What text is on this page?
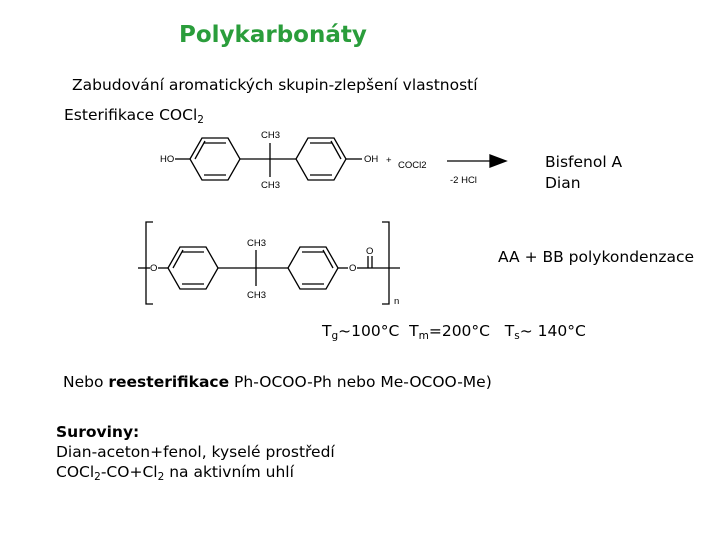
Polykarbonáty
Zabudování aromatických skupin-zlepšení vlastností
Esterifikace COCl$_2$
HO
CH3
CH3
OH + COCl2
-2 HCl
O
CH3
CH3
O
O
n
Bisfenol A
Dian
AA + BB polykondenzace
$T_g\sim 100^\circ C$  $T_m=200^\circ C$   $T_s\sim$ 140°C
Nebo reesterifikace Ph-OCOO-Ph nebo Me-OCOO-Me)
Suroviny:
Dian-aceton+fenol, kyselé prostředí
$COCl_2-CO+Cl_2$ na aktivním uhlí
